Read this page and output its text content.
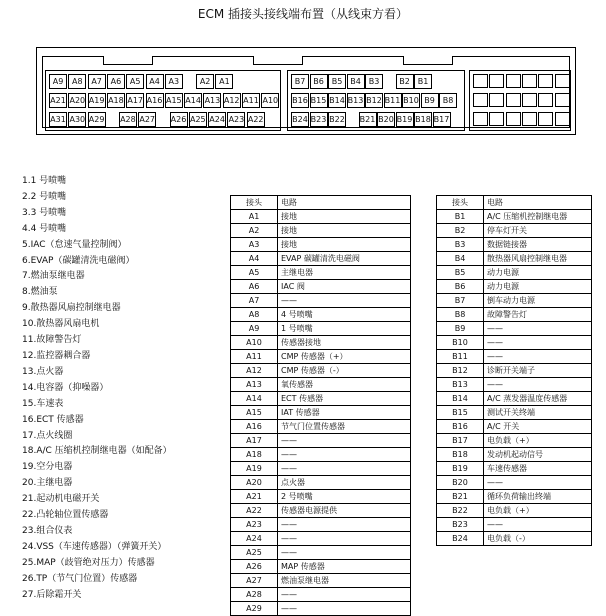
ECM 插接头接线端布置（从线束方看）
A9	A8	A7	A6	A5	A4	A3	A2	A1
A21 A20 A19 A18 A17 A16 A15 A14 A13 A12 A11 A10
A31 A30 A29 A28 A27 A26 A25 A24 A23 A22
B7 B6 B5 B4 B3	B2 B1
B16 B15 B14 B13 B12 B11 B10 B9 B8
B24 B23 B22 B21 B20 B19 B18 B17
1.1 号喷嘴
2.2 号喷嘴
3.3 号喷嘴
4.4 号喷嘴
5.IAC（怠速气量控制阀）
6.EVAP（碳罐清洗电磁阀）
7.燃油泵继电器
8.燃油泵
9.散热器风扇控制继电器
10.散热器风扇电机
11.故障警告灯
12.监控器耦合器
13.点火器
14.电容器（抑噪器）
15.车速表
16.ECT 传感器
17.点火线圈
18.A/C 压缩机控制继电器（如配备）
19.空分电器
20.主继电器
21.起动机电磁开关
22.凸轮轴位置传感器
23.组合仪表
24.VSS（车速传感器）（弹簧开关）
25.MAP（歧管绝对压力）传感器
26.TP（节气门位置）传感器
27.后除霜开关
接头	电路
A1	接地
A2	接地
A3	接地
A4	EVAP 碳罐清洗电磁阀
A5	主继电器
A6	IAC 阀
A7	——
A8	4 号喷嘴
A9	1 号喷嘴
A10	传感器接地
A11	CMP 传感器（+）
A12	CMP 传感器（-）
A13	氧传感器
A14	ECT 传感器
A15	IAT 传感器
A16	节气门位置传感器
A17	——
A18	——
A19	——
A20	点火器
A21	2 号喷嘴
A22	传感器电源提供
A23	——
A24	——
A25	——
A26	MAP 传感器
A27	燃油泵继电器
A28	——
A29	——
接头	电路
B1	A/C 压缩机控制继电器
B2	停车灯开关
B3	数据链接器
B4	散热器风扇控制继电器
B5	动力电源
B6	动力电源
B7	倒车动力电源
B8	故障警告灯
B9	——
B10	——
B11	——
B12	诊断开关端子
B13	——
B14	A/C 蒸发器温度传感器
B15	测试开关终端
B16	A/C 开关
B17	电负载（+）
B18	发动机起动信号
B19	车速传感器
B20	——
B21	循环负荷输出终端
B22	电负载（+）
B23	——
B24	电负载（-）
